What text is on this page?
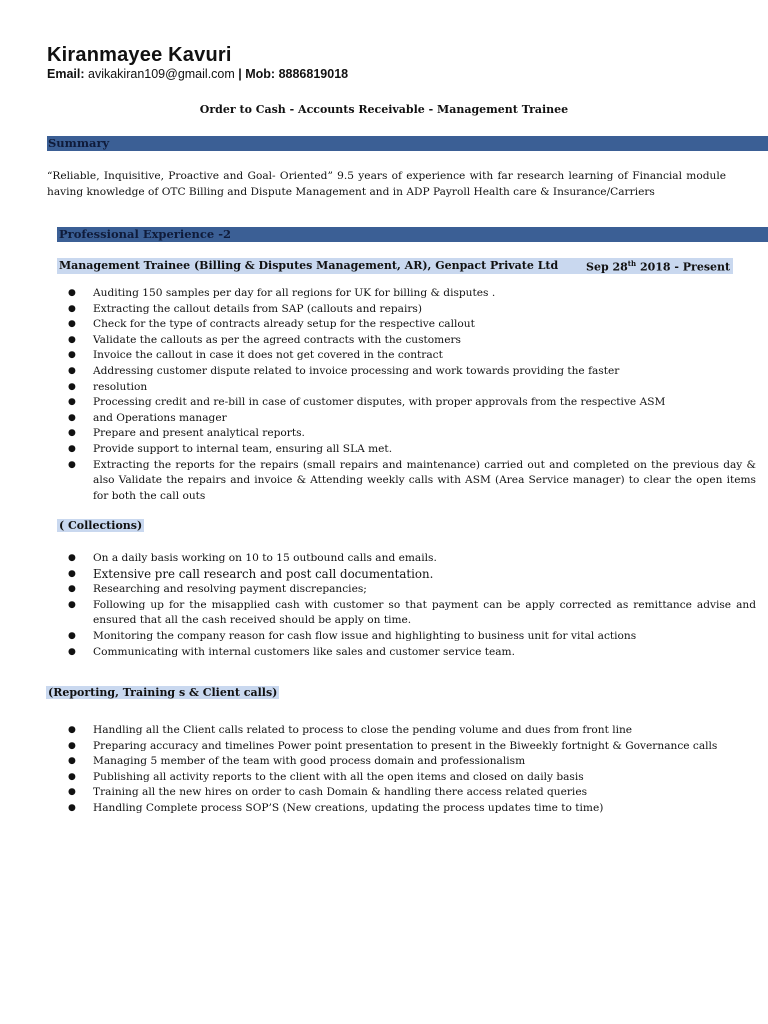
Kiranmayee Kavuri
Email: avikakiran109@gmail.com | Mob: 8886819018
Order to Cash - Accounts Receivable - Management Trainee
Summary
“Reliable, Inquisitive, Proactive and Goal- Oriented” 9.5 years of experience with far research learning of Financial module having knowledge of OTC Billing and Dispute Management and in ADP Payroll Health care & Insurance/Carriers
Professional Experience -2
Management Trainee (Billing & Disputes Management, AR), Genpact Private Ltd	Sep 28th 2018 - Present
● Auditing 150 samples per day for all regions for UK for billing & disputes .
● Extracting the callout details from SAP (callouts and repairs)
● Check for the type of contracts already setup for the respective callout
● Validate the callouts as per the agreed contracts with the customers
● Invoice the callout in case it does not get covered in the contract
● Addressing customer dispute related to invoice processing and work towards providing the faster
● resolution
● Processing credit and re-bill in case of customer disputes, with proper approvals from the respective ASM
● and Operations manager
● Prepare and present analytical reports.
● Provide support to internal team, ensuring all SLA met.
● Extracting the reports for the repairs (small repairs and maintenance) carried out and completed on the previous day & also Validate the repairs and invoice & Attending weekly calls with ASM (Area Service manager) to clear the open items for both the call outs
( Collections)
● On a daily basis working on 10 to 15 outbound calls and emails.
● Extensive pre call research and post call documentation.
● Researching and resolving payment discrepancies;
● Following up for the misapplied cash with customer so that payment can be apply corrected as remittance advise and ensured that all the cash received should be apply on time.
● Monitoring the company reason for cash flow issue and highlighting to business unit for vital actions
● Communicating with internal customers like sales and customer service team.
(Reporting, Training s & Client calls)
● Handling all the Client calls related to process to close the pending volume and dues from front line
● Preparing accuracy and timelines Power point presentation to present in the Biweekly fortnight & Governance calls
● Managing 5 member of the team with good process domain and professionalism
● Publishing all activity reports to the client with all the open items and closed on daily basis
● Training all the new hires on order to cash Domain & handling there access related queries
● Handling Complete process SOP’S (New creations, updating the process updates time to time)
